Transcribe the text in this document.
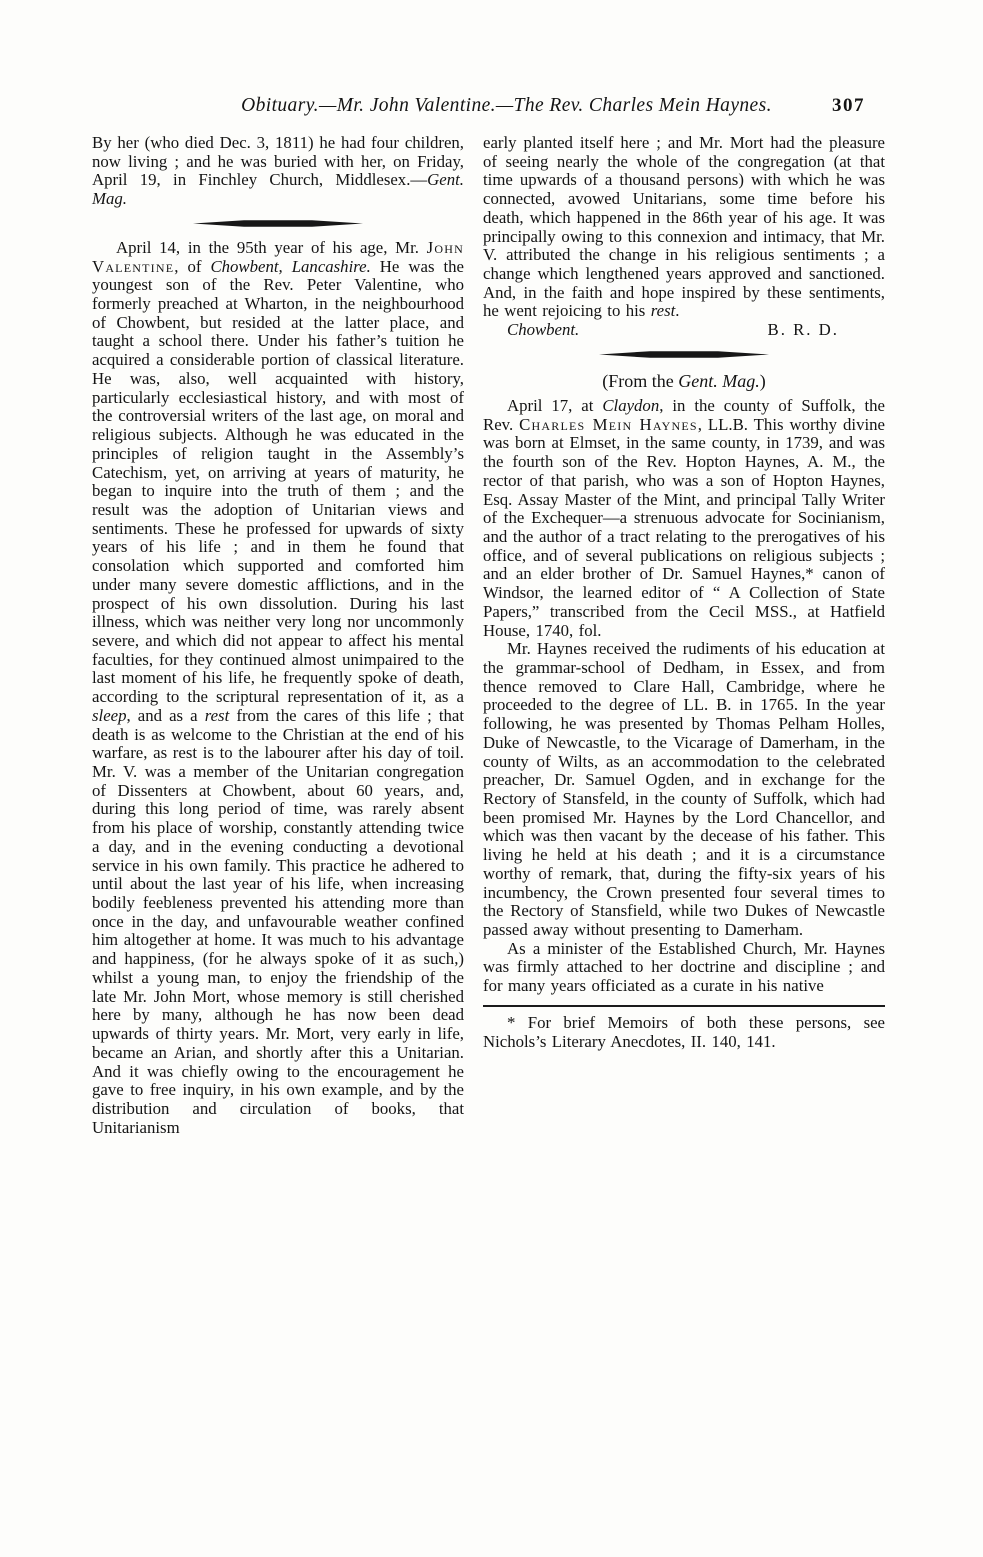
Obituary.—Mr. John Valentine.—The Rev. Charles Mein Haynes.	307

By her (who died Dec. 3, 1811) he had four children, now living ; and he was buried with her, on Friday, April 19, in Finchley Church, Middlesex.—Gent. Mag.

April 14, in the 95th year of his age, Mr. John Valentine, of Chowbent, Lancashire. He was the youngest son of the Rev. Peter Valentine, who formerly preached at Wharton, in the neighbourhood of Chowbent, but resided at the latter place, and taught a school there. Under his father’s tuition he acquired a considerable portion of classical literature. He was, also, well acquainted with history, particularly ecclesiastical history, and with most of the controversial writers of the last age, on moral and religious subjects. Although he was educated in the principles of religion taught in the Assembly’s Catechism, yet, on arriving at years of maturity, he began to inquire into the truth of them ; and the result was the adoption of Unitarian views and sentiments. These he professed for upwards of sixty years of his life ; and in them he found that consolation which supported and comforted him under many severe domestic afflictions, and in the prospect of his own dissolution. During his last illness, which was neither very long nor uncommonly severe, and which did not appear to affect his mental faculties, for they continued almost unimpaired to the last moment of his life, he frequently spoke of death, according to the scriptural representation of it, as a sleep, and as a rest from the cares of this life ; that death is as welcome to the Christian at the end of his warfare, as rest is to the labourer after his day of toil. Mr. V. was a member of the Unitarian congregation of Dissenters at Chowbent, about 60 years, and, during this long period of time, was rarely absent from his place of worship, constantly attending twice a day, and in the evening conducting a devotional service in his own family. This practice he adhered to until about the last year of his life, when increasing bodily feebleness prevented his attending more than once in the day, and unfavourable weather confined him altogether at home. It was much to his advantage and happiness, (for he always spoke of it as such,) whilst a young man, to enjoy the friendship of the late Mr. John Mort, whose memory is still cherished here by many, although he has now been dead upwards of thirty years. Mr. Mort, very early in life, became an Arian, and shortly after this a Unitarian. And it was chiefly owing to the encouragement he gave to free inquiry, in his own example, and by the distribution and circulation of books, that Unitarianism

early planted itself here ; and Mr. Mort had the pleasure of seeing nearly the whole of the congregation (at that time upwards of a thousand persons) with which he was connected, avowed Unitarians, some time before his death, which happened in the 86th year of his age. It was principally owing to this connexion and intimacy, that Mr. V. attributed the change in his religious sentiments ; a change which lengthened years approved and sanctioned. And, in the faith and hope inspired by these sentiments, he went rejoicing to his rest.

Chowbent.	B. R. D.
(From the Gent. Mag.)

April 17, at Claydon, in the county of Suffolk, the Rev. Charles Mein Haynes, LL.B. This worthy divine was born at Elmset, in the same county, in 1739, and was the fourth son of the Rev. Hopton Haynes, A. M., the rector of that parish, who was a son of Hopton Haynes, Esq. Assay Master of the Mint, and principal Tally Writer of the Exchequer—a strenuous advocate for Socinianism, and the author of a tract relating to the prerogatives of his office, and of several publications on religious subjects ; and an elder brother of Dr. Samuel Haynes,* canon of Windsor, the learned editor of “ A Collection of State Papers,” transcribed from the Cecil MSS., at Hatfield House, 1740, fol.

Mr. Haynes received the rudiments of his education at the grammar-school of Dedham, in Essex, and from thence removed to Clare Hall, Cambridge, where he proceeded to the degree of LL. B. in 1765. In the year following, he was presented by Thomas Pelham Holles, Duke of Newcastle, to the Vicarage of Damerham, in the county of Wilts, as an accommodation to the celebrated preacher, Dr. Samuel Ogden, and in exchange for the Rectory of Stansfeld, in the county of Suffolk, which had been promised Mr. Haynes by the Lord Chancellor, and which was then vacant by the decease of his father. This living he held at his death ; and it is a circumstance worthy of remark, that, during the fifty-six years of his incumbency, the Crown presented four several times to the Rectory of Stansfield, while two Dukes of Newcastle passed away without presenting to Damerham.

As a minister of the Established Church, Mr. Haynes was firmly attached to her doctrine and discipline ; and for many years officiated as a curate in his native

* For brief Memoirs of both these persons, see Nichols’s Literary Anecdotes, II. 140, 141.
